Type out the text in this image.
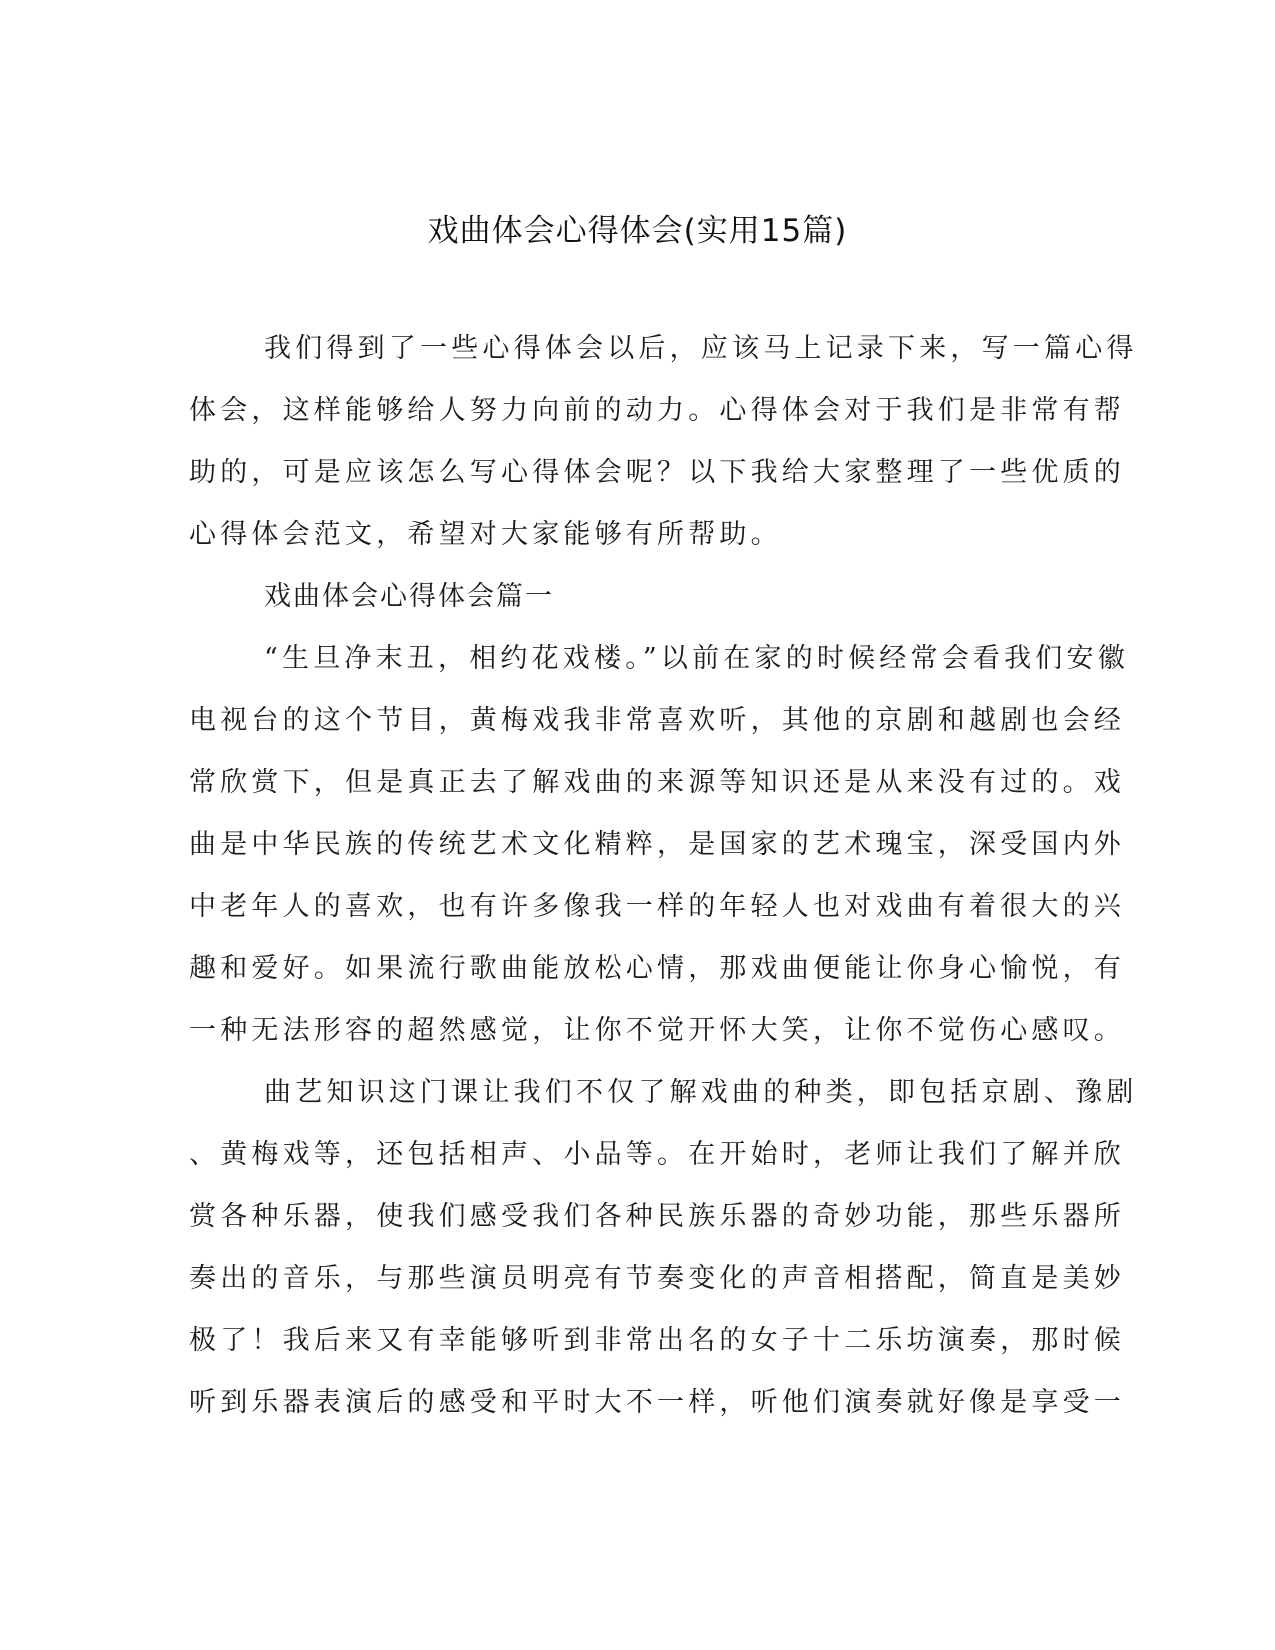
戏曲体会心得体会(实用15篇)
我们得到了一些心得体会以后，应该马上记录下来，写一篇心得
体会，这样能够给人努力向前的动力。心得体会对于我们是非常有帮
助的，可是应该怎么写心得体会呢？以下我给大家整理了一些优质的
心得体会范文，希望对大家能够有所帮助。
戏曲体会心得体会篇一
“生旦净末丑，相约花戏楼。”以前在家的时候经常会看我们安徽
电视台的这个节目，黄梅戏我非常喜欢听，其他的京剧和越剧也会经
常欣赏下，但是真正去了解戏曲的来源等知识还是从来没有过的。戏
曲是中华民族的传统艺术文化精粹，是国家的艺术瑰宝，深受国内外
中老年人的喜欢，也有许多像我一样的年轻人也对戏曲有着很大的兴
趣和爱好。如果流行歌曲能放松心情，那戏曲便能让你身心愉悦，有
一种无法形容的超然感觉，让你不觉开怀大笑，让你不觉伤心感叹。
曲艺知识这门课让我们不仅了解戏曲的种类，即包括京剧、豫剧
、黄梅戏等，还包括相声、小品等。在开始时，老师让我们了解并欣
赏各种乐器，使我们感受我们各种民族乐器的奇妙功能，那些乐器所
奏出的音乐，与那些演员明亮有节奏变化的声音相搭配，简直是美妙
极了！我后来又有幸能够听到非常出名的女子十二乐坊演奏，那时候
听到乐器表演后的感受和平时大不一样，听他们演奏就好像是享受一
